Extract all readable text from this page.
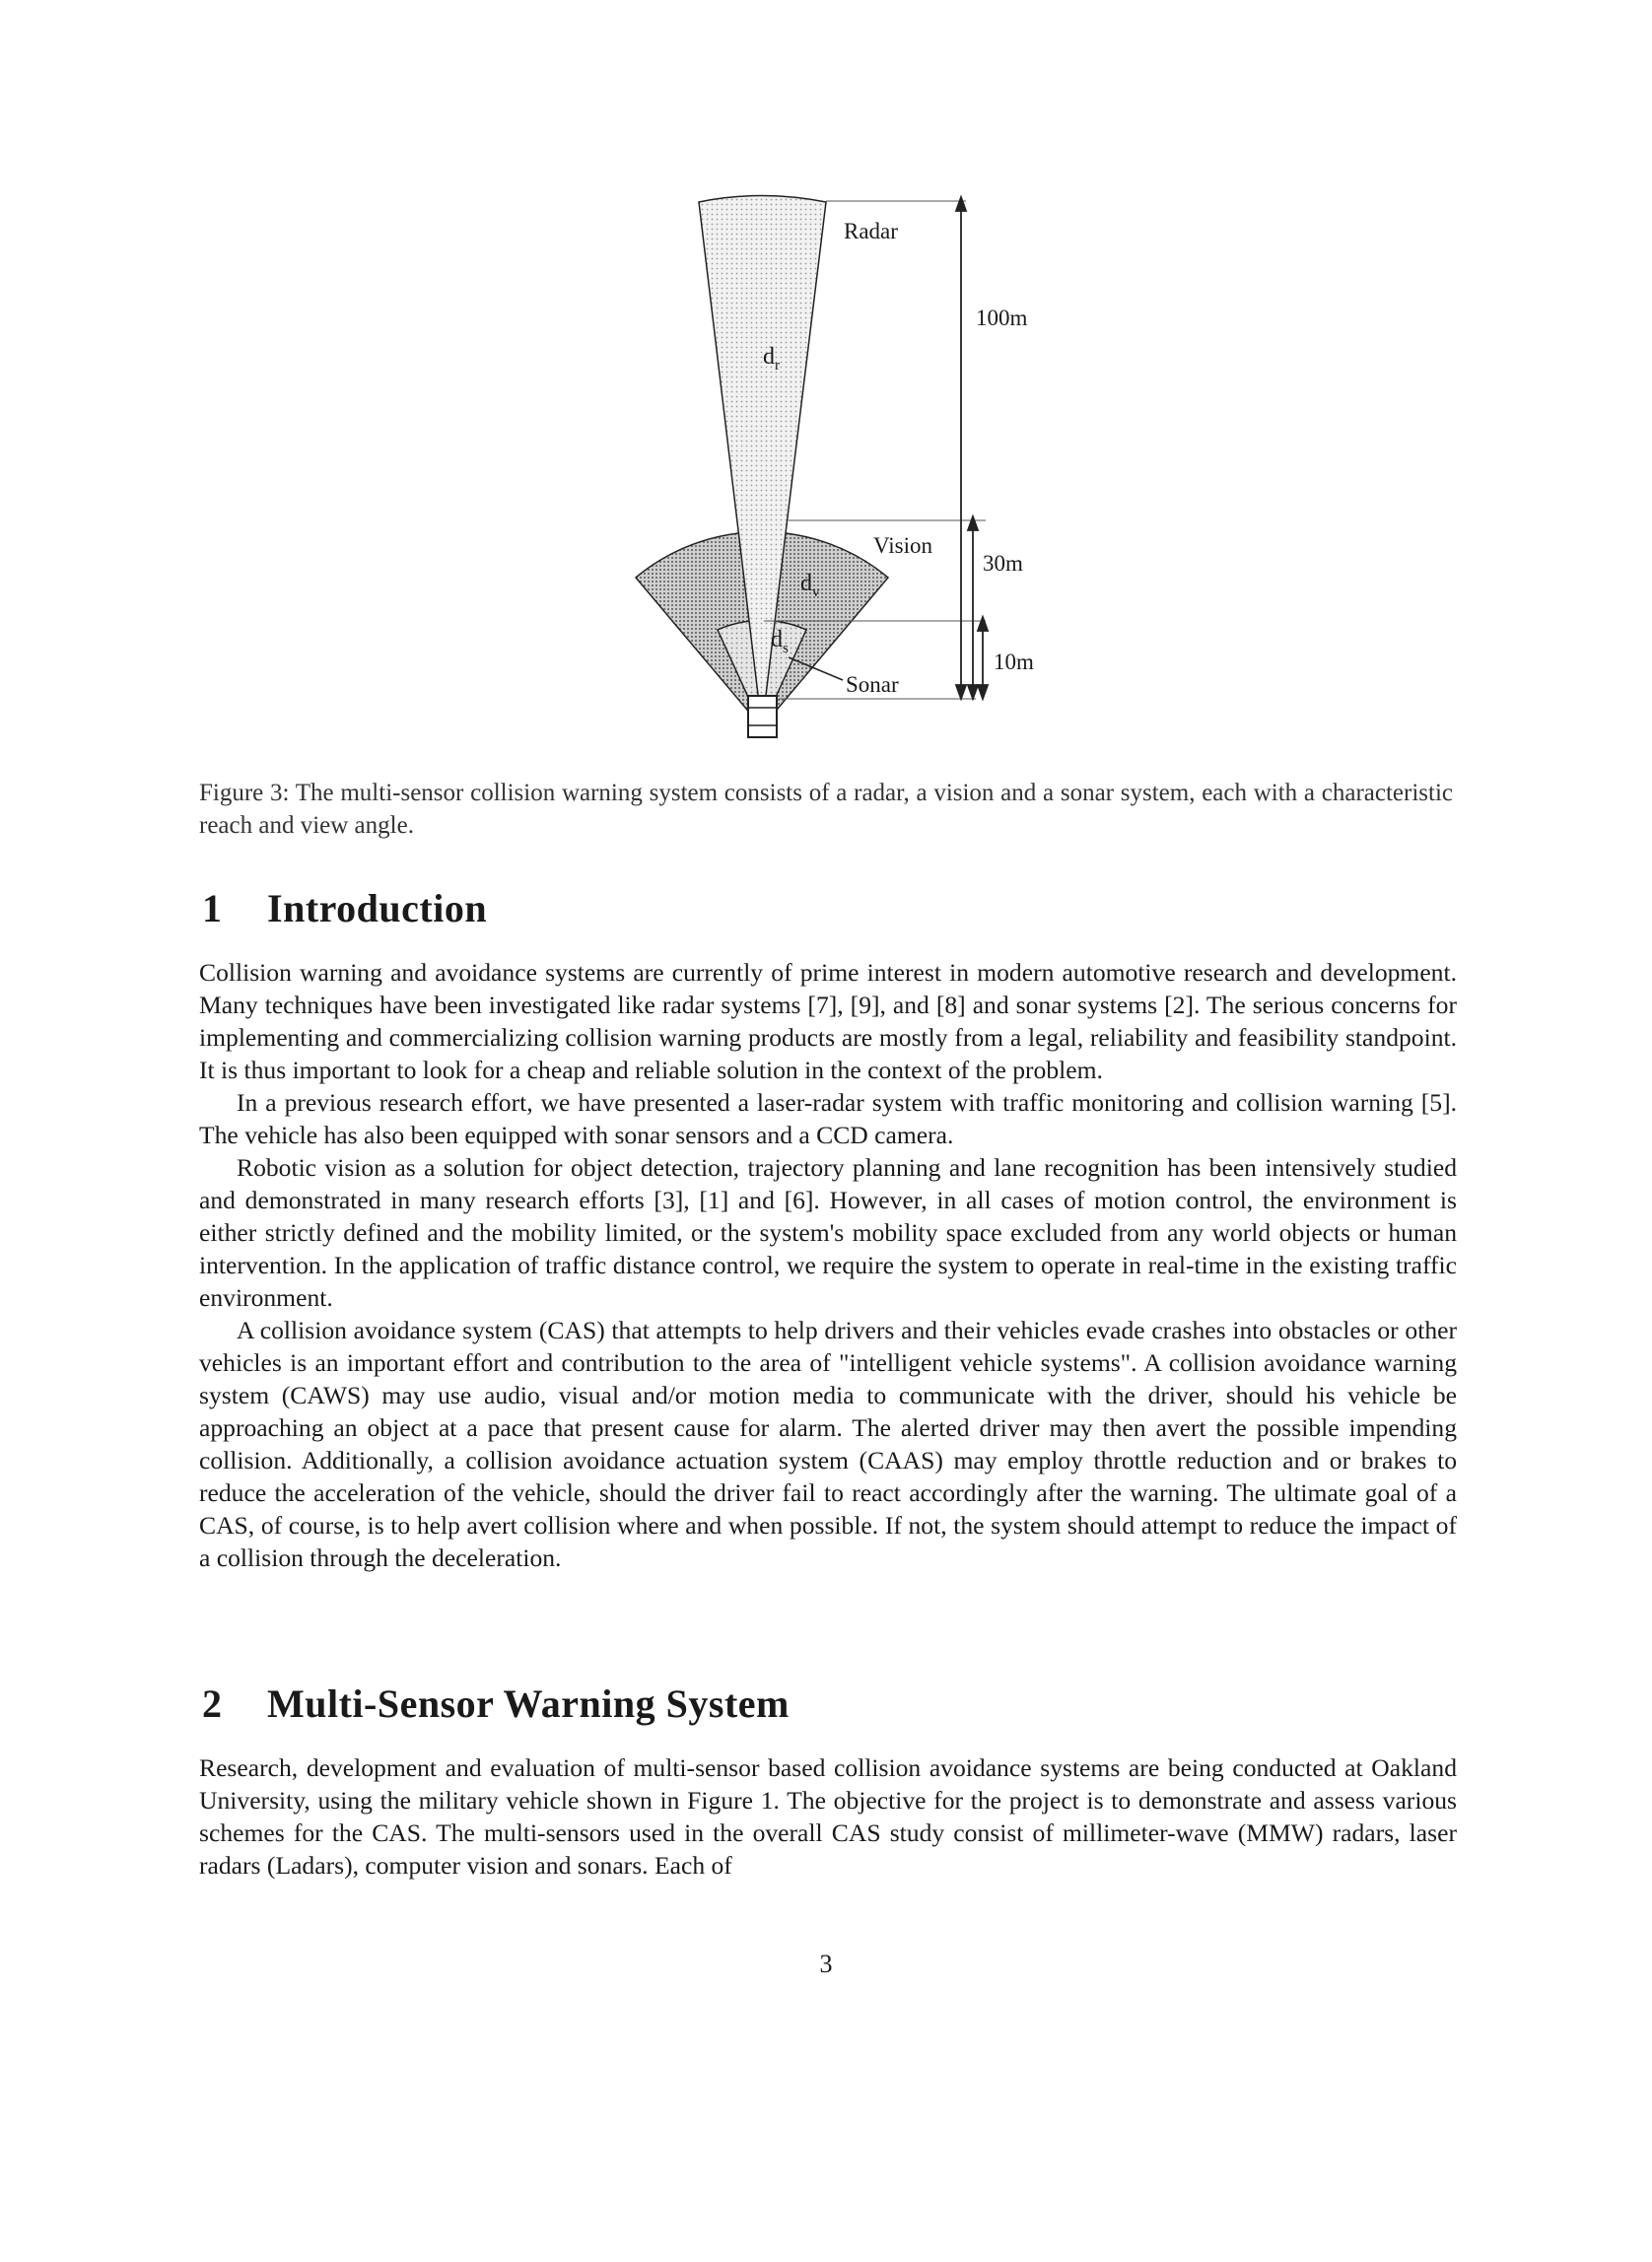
$d_r$
$d_v$
$d_s$
Radar
Vision
Sonar
100m
30m
10m
Figure 3: The multi-sensor collision warning system consists of a radar, a vision and a sonar system, each with a characteristic reach and view angle.
1 Introduction

Collision warning and avoidance systems are currently of prime interest in modern automotive research and development. Many techniques have been investigated like radar systems [7], [9], and [8] and sonar systems [2]. The serious concerns for implementing and commercializing collision warning products are mostly from a legal, reliability and feasibility standpoint. It is thus important to look for a cheap and reliable solution in the context of the problem.

In a previous research effort, we have presented a laser-radar system with traffic monitoring and collision warning [5]. The vehicle has also been equipped with sonar sensors and a CCD camera.

Robotic vision as a solution for object detection, trajectory planning and lane recognition has been intensively studied and demonstrated in many research efforts [3], [1] and [6]. However, in all cases of motion control, the environment is either strictly defined and the mobility limited, or the system's mobility space excluded from any world objects or human intervention. In the application of traffic distance control, we require the system to operate in real-time in the existing traffic environment.

A collision avoidance system (CAS) that attempts to help drivers and their vehicles evade crashes into obstacles or other vehicles is an important effort and contribution to the area of "intelligent vehicle systems". A collision avoidance warning system (CAWS) may use audio, visual and/or motion media to communicate with the driver, should his vehicle be approaching an object at a pace that present cause for alarm. The alerted driver may then avert the possible impending collision. Additionally, a collision avoidance actuation system (CAAS) may employ throttle reduction and or brakes to reduce the acceleration of the vehicle, should the driver fail to react accordingly after the warning. The ultimate goal of a CAS, of course, is to help avert collision where and when possible. If not, the system should attempt to reduce the impact of a collision through the deceleration.

2 Multi-Sensor Warning System

Research, development and evaluation of multi-sensor based collision avoidance systems are being conducted at Oakland University, using the military vehicle shown in Figure 1. The objective for the project is to demonstrate and assess various schemes for the CAS. The multi-sensors used in the overall CAS study consist of millimeter-wave (MMW) radars, laser radars (Ladars), computer vision and sonars. Each of

3
